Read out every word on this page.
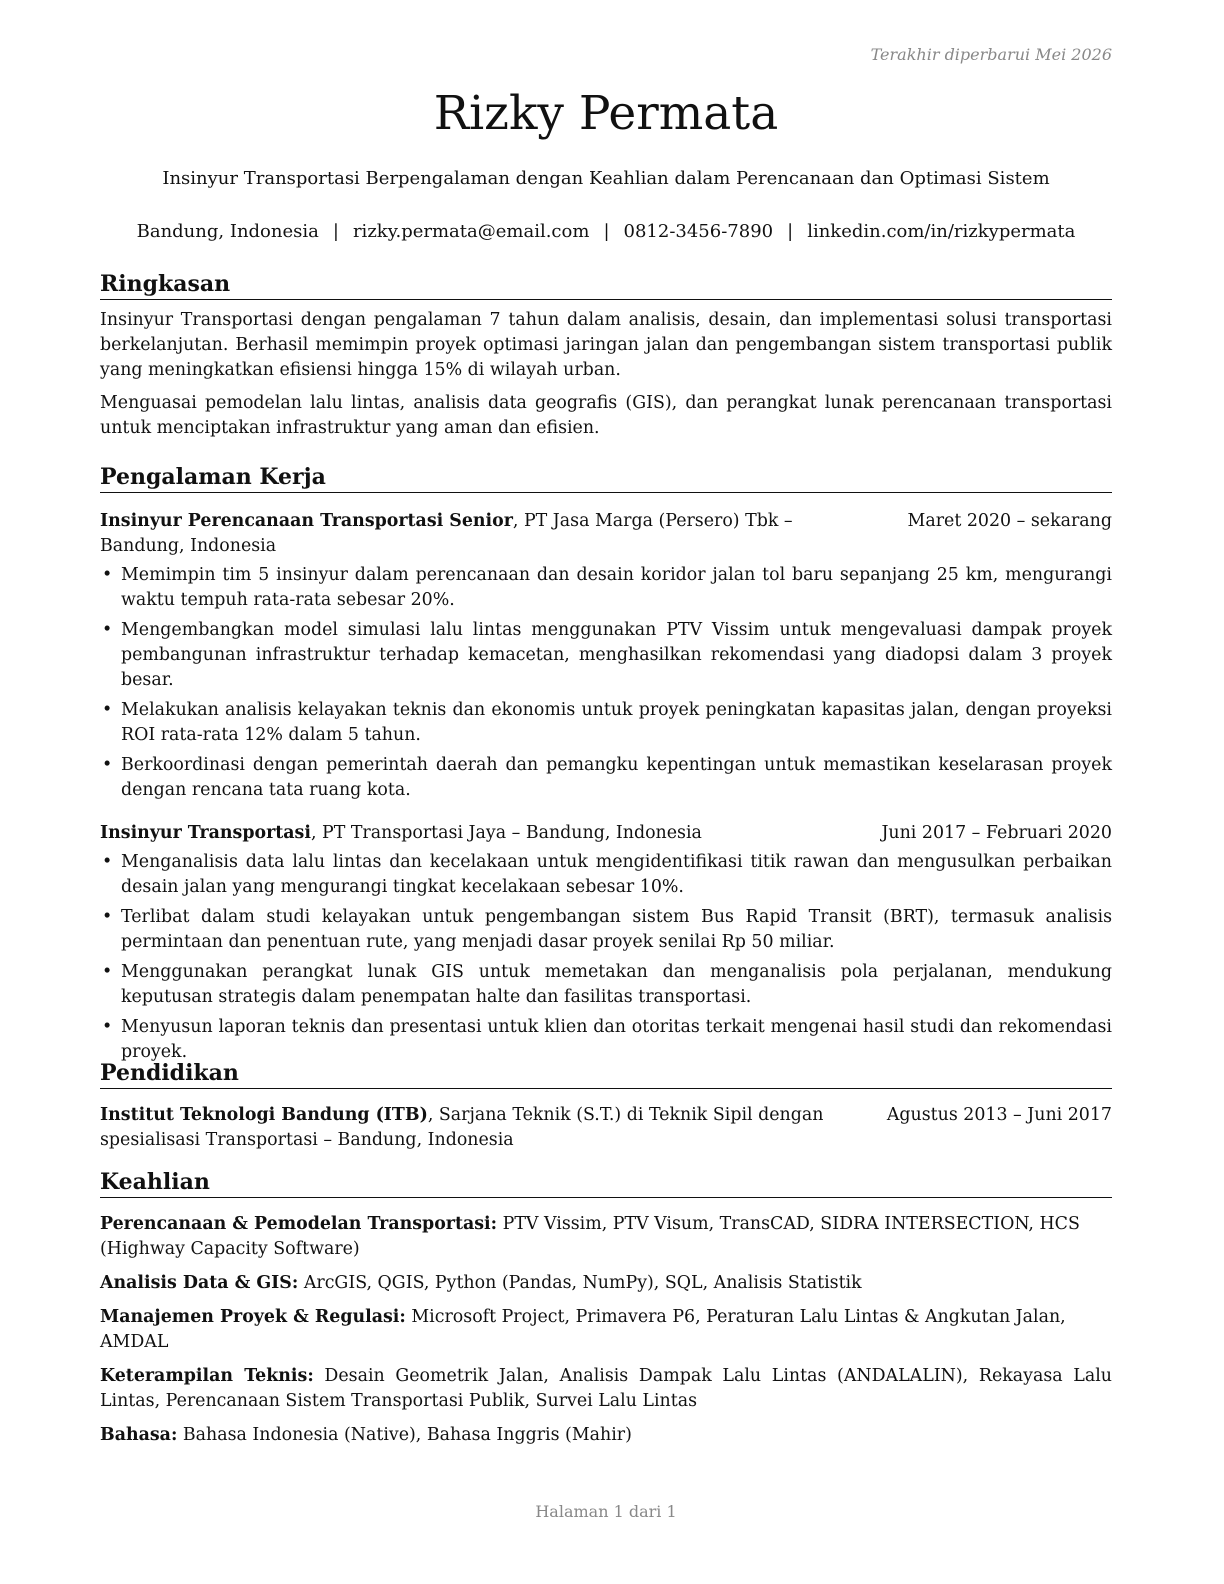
Terakhir diperbarui Mei 2026
Rizky Permata
Insinyur Transportasi Berpengalaman dengan Keahlian dalam Perencanaan dan Optimasi Sistem
Bandung, Indonesia | rizky.permata@email.com | 0812-3456-7890 | linkedin.com/in/rizkypermata
Ringkasan

Insinyur Transportasi dengan pengalaman 7 tahun dalam analisis, desain, dan implementasi solusi transportasi berkelanjutan. Berhasil memimpin proyek optimasi jaringan jalan dan pengembangan sistem transportasi publik yang meningkatkan efisiensi hingga 15% di wilayah urban.

Menguasai pemodelan lalu lintas, analisis data geografis (GIS), dan perangkat lunak perencanaan transportasi untuk menciptakan infrastruktur yang aman dan efisien.

Pengalaman Kerja
Insinyur Perencanaan Transportasi Senior, PT Jasa Marga (Persero) Tbk – Bandung, Indonesia
Maret 2020 – sekarang
• Memimpin tim 5 insinyur dalam perencanaan dan desain koridor jalan tol baru sepanjang 25 km, mengurangi waktu tempuh rata-rata sebesar 20%.
• Mengembangkan model simulasi lalu lintas menggunakan PTV Vissim untuk mengevaluasi dampak proyek pembangunan infrastruktur terhadap kemacetan, menghasilkan rekomendasi yang diadopsi dalam 3 proyek besar.
• Melakukan analisis kelayakan teknis dan ekonomis untuk proyek peningkatan kapasitas jalan, dengan proyeksi ROI rata-rata 12% dalam 5 tahun.
• Berkoordinasi dengan pemerintah daerah dan pemangku kepentingan untuk memastikan keselarasan proyek dengan rencana tata ruang kota.
Insinyur Transportasi, PT Transportasi Jaya – Bandung, Indonesia	Juni 2017 – Februari 2020
• Menganalisis data lalu lintas dan kecelakaan untuk mengidentifikasi titik rawan dan mengusulkan perbaikan desain jalan yang mengurangi tingkat kecelakaan sebesar 10%.
• Terlibat dalam studi kelayakan untuk pengembangan sistem Bus Rapid Transit (BRT), termasuk analisis permintaan dan penentuan rute, yang menjadi dasar proyek senilai Rp 50 miliar.
• Menggunakan perangkat lunak GIS untuk memetakan dan menganalisis pola perjalanan, mendukung keputusan strategis dalam penempatan halte dan fasilitas transportasi.
• Menyusun laporan teknis dan presentasi untuk klien dan otoritas terkait mengenai hasil studi dan rekomendasi proyek.
Pendidikan
Institut Teknologi Bandung (ITB), Sarjana Teknik (S.T.) di Teknik Sipil dengan spesialisasi Transportasi – Bandung, Indonesia
Agustus 2013 – Juni 2017
Keahlian
Perencanaan & Pemodelan Transportasi: PTV Vissim, PTV Visum, TransCAD, SIDRA INTERSECTION, HCS (Highway Capacity Software)
Analisis Data & GIS: ArcGIS, QGIS, Python (Pandas, NumPy), SQL, Analisis Statistik
Manajemen Proyek & Regulasi: Microsoft Project, Primavera P6, Peraturan Lalu Lintas & Angkutan Jalan, AMDAL
Keterampilan Teknis: Desain Geometrik Jalan, Analisis Dampak Lalu Lintas (ANDALALIN), Rekayasa Lalu Lintas, Perencanaan Sistem Transportasi Publik, Survei Lalu Lintas
Bahasa: Bahasa Indonesia (Native), Bahasa Inggris (Mahir)
Halaman 1 dari 1
